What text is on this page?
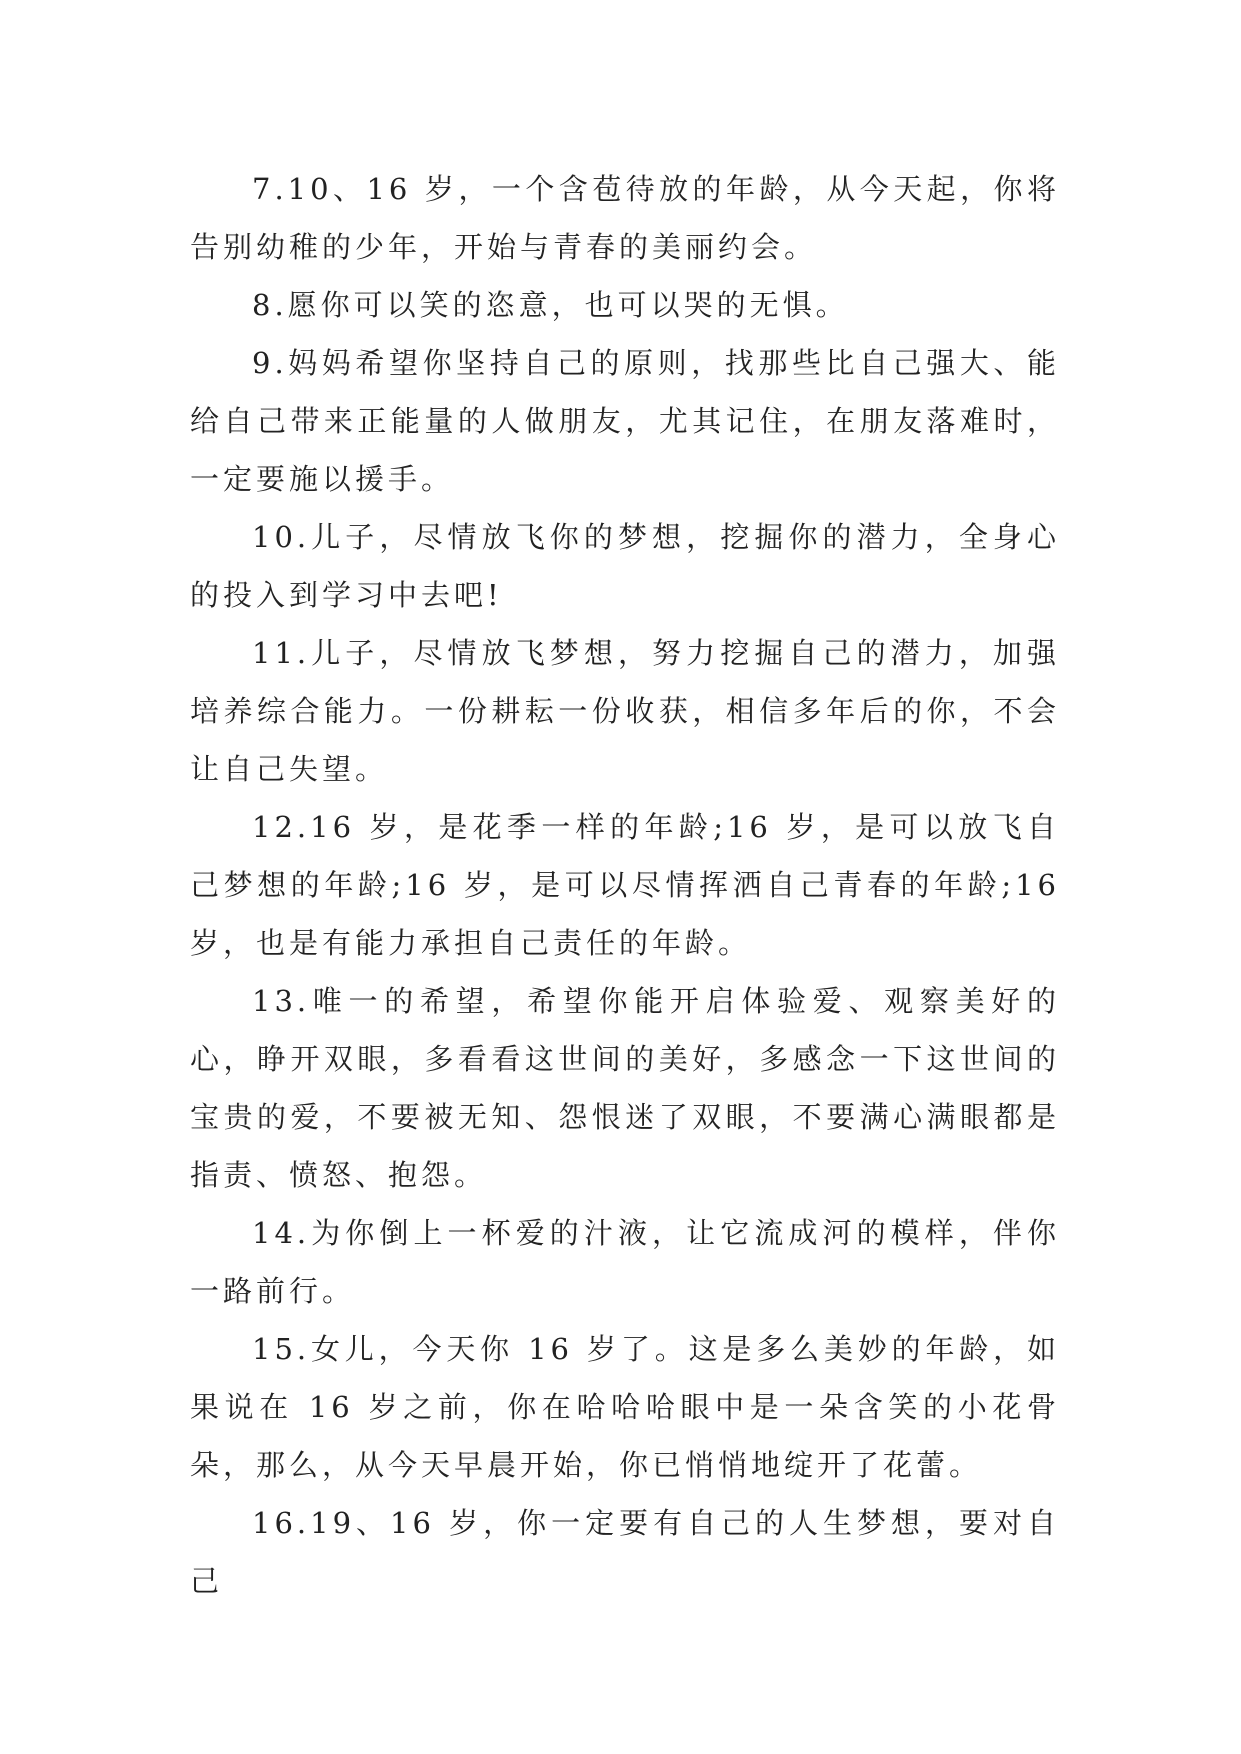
7.10、16 岁，一个含苞待放的年龄，从今天起，你将告别幼稚的少年，开始与青春的美丽约会。

8.愿你可以笑的恣意，也可以哭的无惧。

9.妈妈希望你坚持自己的原则，找那些比自己强大、能给自己带来正能量的人做朋友，尤其记住，在朋友落难时，一定要施以援手。

10.儿子，尽情放飞你的梦想，挖掘你的潜力，全身心的投入到学习中去吧!

11.儿子，尽情放飞梦想，努力挖掘自己的潜力，加强培养综合能力。一份耕耘一份收获，相信多年后的你，不会让自己失望。

12.16 岁，是花季一样的年龄;16 岁，是可以放飞自己梦想的年龄;16 岁，是可以尽情挥洒自己青春的年龄;16 岁，也是有能力承担自己责任的年龄。

13.唯一的希望，希望你能开启体验爱、观察美好的心，睁开双眼，多看看这世间的美好，多感念一下这世间的宝贵的爱，不要被无知、怨恨迷了双眼，不要满心满眼都是指责、愤怒、抱怨。

14.为你倒上一杯爱的汁液，让它流成河的模样，伴你一路前行。

15.女儿，今天你 16 岁了。这是多么美妙的年龄，如果说在 16 岁之前，你在哈哈哈眼中是一朵含笑的小花骨朵，那么，从今天早晨开始，你已悄悄地绽开了花蕾。

16.19、16 岁，你一定要有自己的人生梦想，要对自己
